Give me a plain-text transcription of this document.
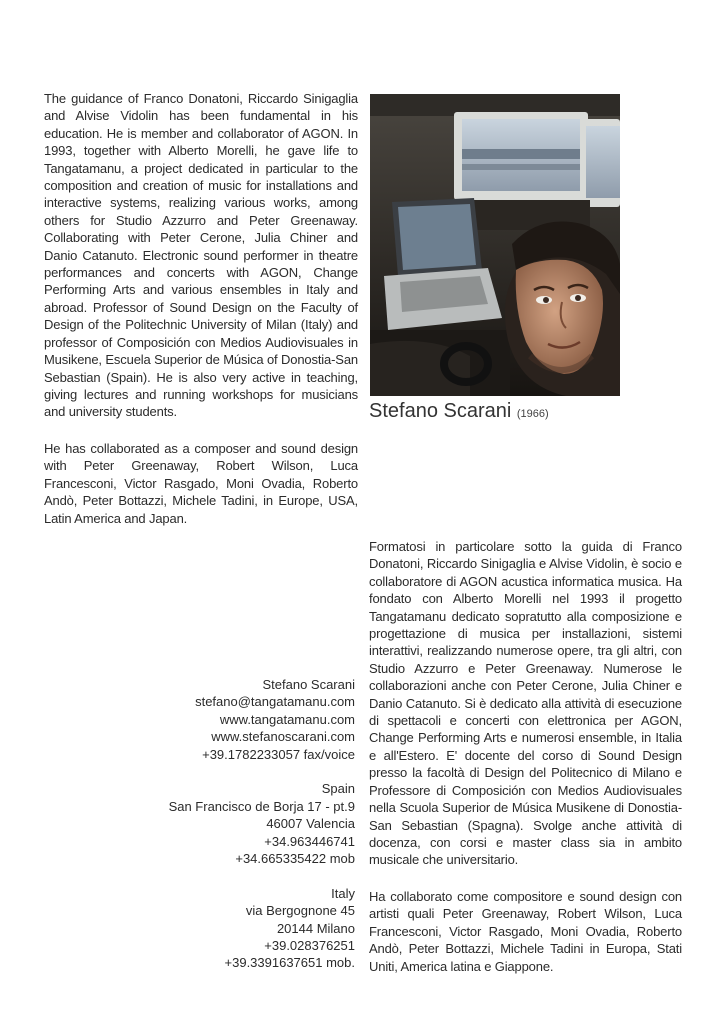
The guidance of Franco Donatoni, Riccardo Sinigaglia and Alvise Vidolin has been fundamental in his education. He is member and collaborator of AGON. In 1993, together with Alberto Morelli, he gave life to Tangatamanu, a project dedicated in particular to the composition and creation of music for installations and interactive systems, realizing various works, among others for Studio Azzurro and Peter Greenaway. Collaborating with Peter Cerone, Julia Chiner and Danio Catanuto. Electronic sound performer in theatre performances and concerts with AGON, Change Performing Arts and various ensembles in Italy and abroad. Professor of Sound Design on the Faculty of Design of the Politechnic University of Milan (Italy) and professor of Composición con Medios Audiovisuales in Musikene, Escuela Superior de Música of Donostia-San Sebastian (Spain). He is also very active in teaching, giving lectures and running workshops for musicians and university students.

He has collaborated as a composer and sound design with Peter Greenaway, Robert Wilson, Luca Francesconi, Victor Rasgado, Moni Ovadia, Roberto Andò, Peter Bottazzi, Michele Tadini, in Europe, USA, Latin America and Japan.

Stefano Scarani (1966)
Stefano Scarani
stefano@tangatamanu.com
www.tangatamanu.com
www.stefanoscarani.com
+39.1782233057 fax/voice
Spain
San Francisco de Borja 17 - pt.9
46007 Valencia
+34.963446741
+34.665335422 mob
Italy
via Bergognone 45
20144 Milano
+39.028376251
+39.3391637651 mob.

Formatosi in particolare sotto la guida di Franco Donatoni, Riccardo Sinigaglia e Alvise Vidolin, è socio e collaboratore di AGON acustica informatica musica. Ha fondato con Alberto Morelli nel 1993 il progetto Tangatamanu dedicato sopratutto alla composizione e progettazione di musica per installazioni, sistemi interattivi, realizzando numerose opere, tra gli altri, con Studio Azzurro e Peter Greenaway. Numerose le collaborazioni anche con Peter Cerone, Julia Chiner e Danio Catanuto. Si è dedicato alla attività di esecuzione di spettacoli e concerti con elettronica per AGON, Change Performing Arts e numerosi ensemble, in Italia e all'Estero. E' docente del corso di Sound Design presso la facoltà di Design del Politecnico di Milano e Professore di Composición con Medios Audiovisuales nella Scuola Superior de Música Musikene di Donostia-San Sebastian (Spagna). Svolge anche attività di docenza, con corsi e master class sia in ambito musicale che universitario.

Ha collaborato come compositore e sound design con artisti quali Peter Greenaway, Robert Wilson, Luca Francesconi, Victor Rasgado, Moni Ovadia, Roberto Andò, Peter Bottazzi, Michele Tadini in Europa, Stati Uniti, America latina e Giappone.
